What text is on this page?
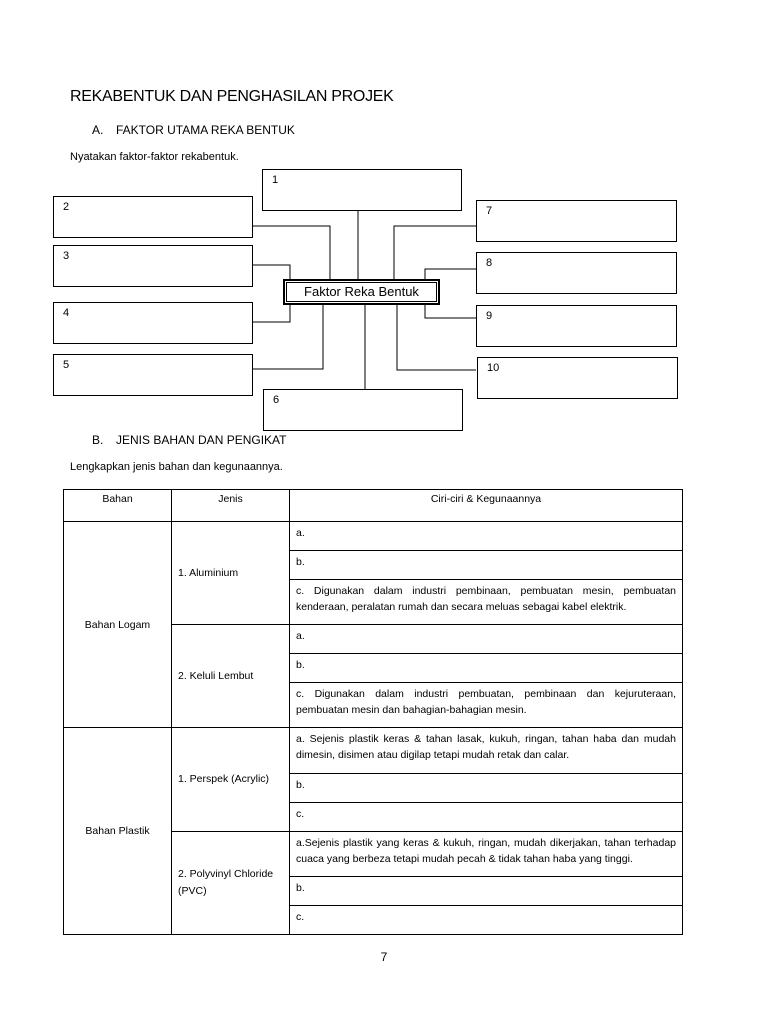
REKABENTUK DAN PENGHASILAN PROJEK
A. FAKTOR UTAMA REKA BENTUK
Nyatakan faktor-faktor rekabentuk.
1
2
3
4
5
6
7
8
9
10
Faktor Reka Bentuk
B. JENIS BAHAN DAN PENGIKAT
Lengkapkan jenis bahan dan kegunaannya.
Bahan	Jenis	Ciri-ciri & Kegunaannya
Bahan Logam	1. Aluminium	a.
		b.
		c. Digunakan dalam industri pembinaan, pembuatan mesin, pembuatan kenderaan, peralatan rumah dan secara meluas sebagai kabel elektrik.
	2. Keluli Lembut	a.
		b.
		c. Digunakan dalam industri pembuatan, pembinaan dan kejuruteraan, pembuatan mesin dan bahagian-bahagian mesin.
Bahan Plastik	1. Perspek (Acrylic)	a. Sejenis plastik keras & tahan lasak, kukuh, ringan, tahan haba dan mudah dimesin, disimen atau digilap tetapi mudah retak dan calar.
		b.
		c.
	2. Polyvinyl Chloride (PVC)	a.Sejenis plastik yang keras & kukuh, ringan, mudah dikerjakan, tahan terhadap cuaca yang berbeza tetapi mudah pecah & tidak tahan haba yang tinggi.
		b.
		c.
7
